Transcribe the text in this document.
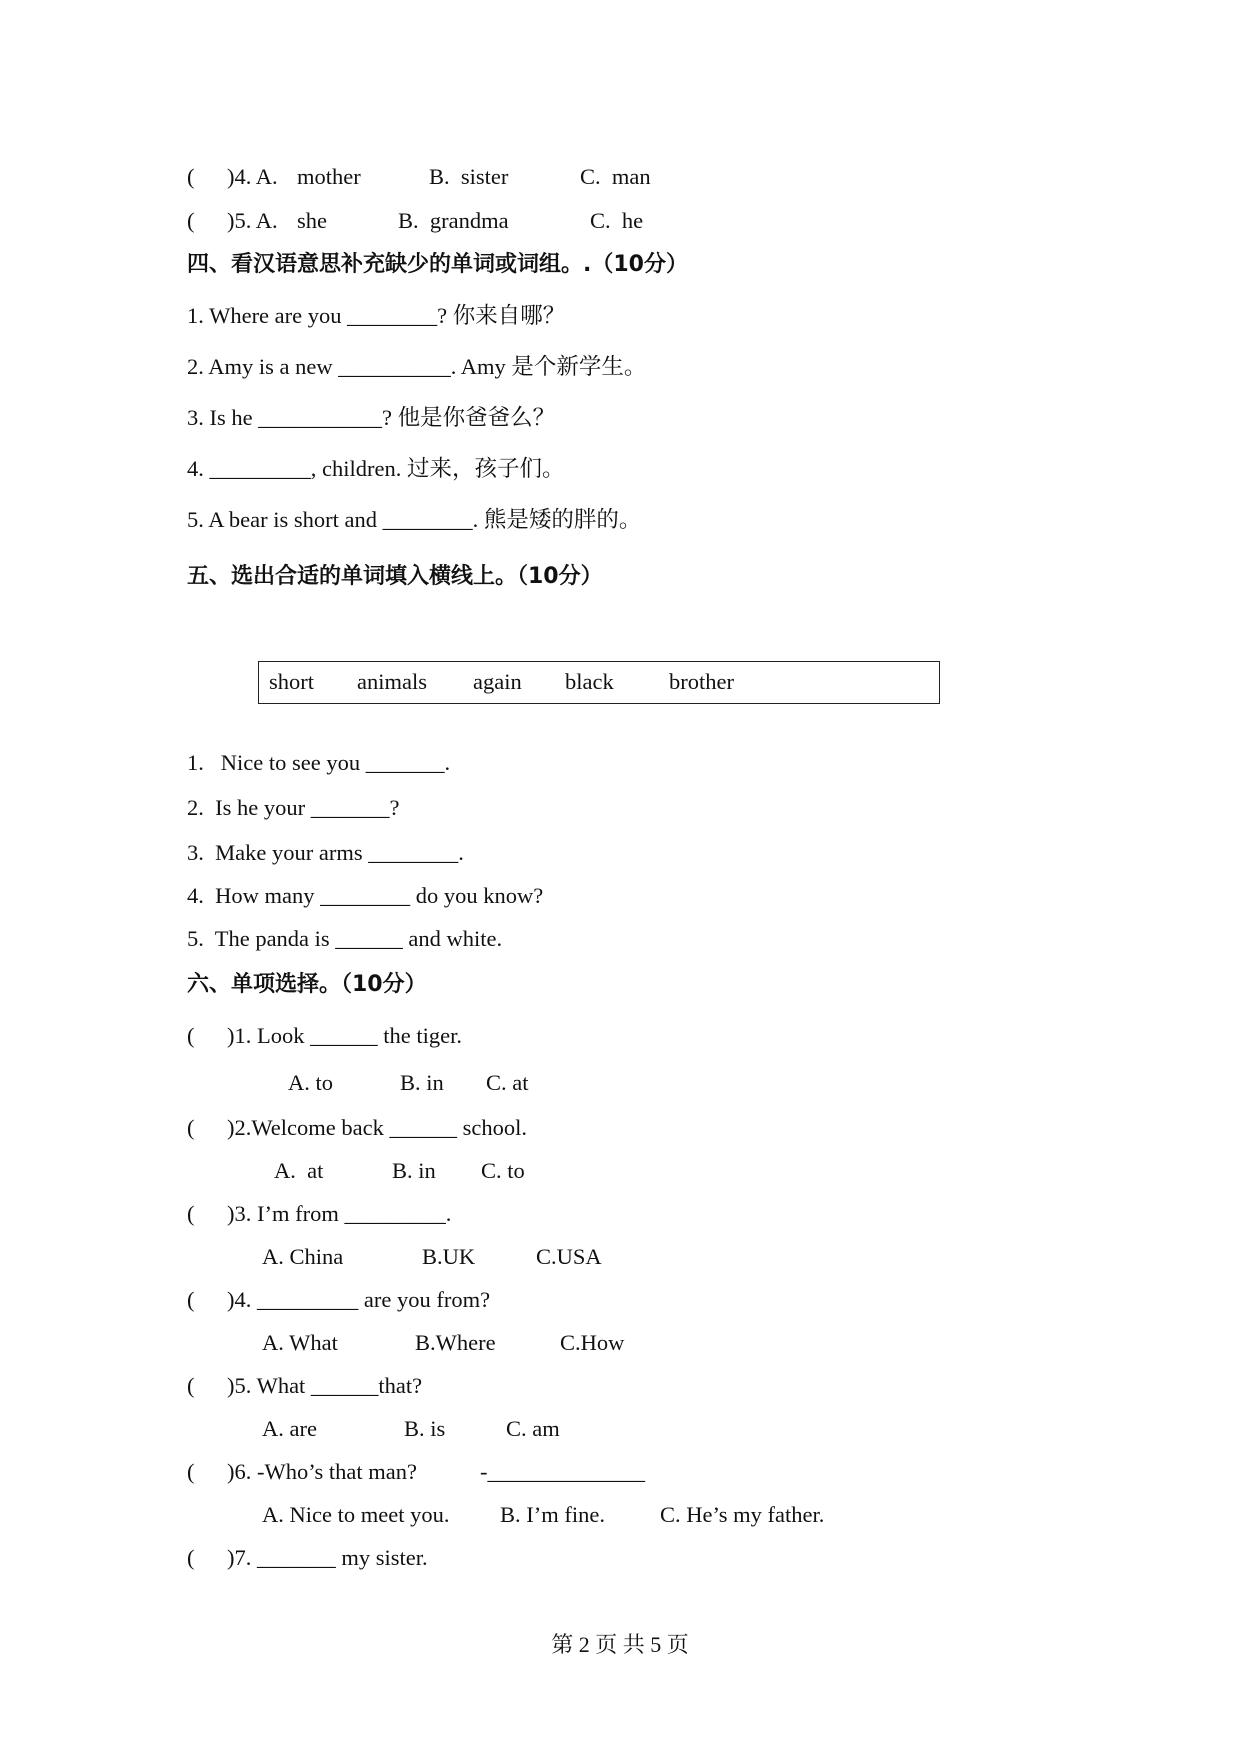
( )4. A. mother	B.  sister	C.  man
( )5. A. she	B.  grandma	C.  he
四、看汉语意思补充缺少的单词或词组。.（10分）
1. Where are you ________? 你来自哪？
2. Amy is a new __________. Amy 是个新学生。
3. Is he ___________? 他是你爸爸么？
4. _________, children. 过来，孩子们。
5. A bear is short and ________. 熊是矮的胖的。
五、选出合适的单词填入横线上。（10分）
short animals again black brother
1.   Nice to see you _______.
2.  Is he your _______?
3.  Make your arms ________.
4.  How many ________ do you know?
5.  The panda is ______ and white.
六、单项选择。（10分）
( )1. Look ______ the tiger.
A. to	B. in C. at
( )2.Welcome back ______ school.
A.  at	B. in C. to
( )3. I’m from _________.
A. China	B.UK	C.USA
( )4. _________ are you from?
A. What	B.Where	C.How
( )5. What ______that?
A. are	B. is	C. am
( )6. -Who’s that man?	-______________
A. Nice to meet you. B. I’m fine. C. He’s my father.
( )7. _______ my sister.
第 2 页 共 5 页
